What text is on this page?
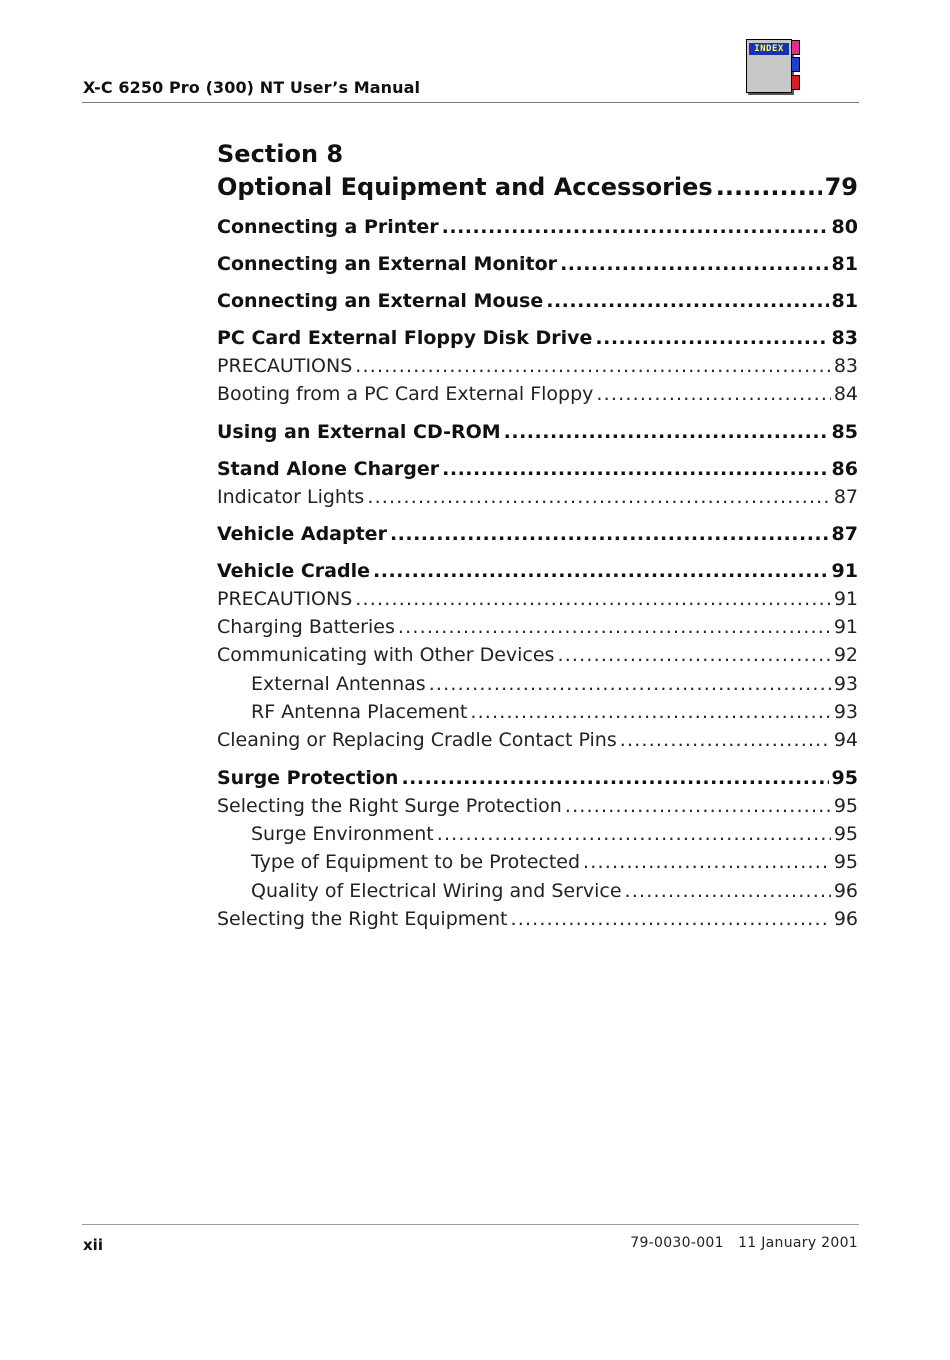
X-C 6250 Pro (300) NT User’s Manual
INDEX
Section 8
Optional Equipment and Accessories .....	79
Connecting a Printer .....	80
Connecting an External Monitor .....	81
Connecting an External Mouse .....	81
PC Card External Floppy Disk Drive .....	83
PRECAUTIONS .....	83
Booting from a PC Card External Floppy .....	84
Using an External CD-ROM .....	85
Stand Alone Charger .....	86
Indicator Lights .....	87
Vehicle Adapter .....	87
Vehicle Cradle .....	91
PRECAUTIONS .....	91
Charging Batteries .....	91
Communicating with Other Devices .....	92
External Antennas .....	93
RF Antenna Placement .....	93
Cleaning or Replacing Cradle Contact Pins .....	94
Surge Protection .....	95
Selecting the Right Surge Protection .....	95
Surge Environment .....	95
Type of Equipment to be Protected .....	95
Quality of Electrical Wiring and Service .....	96
Selecting the Right Equipment .....	96
xii	79-0030-001   11 January 2001
